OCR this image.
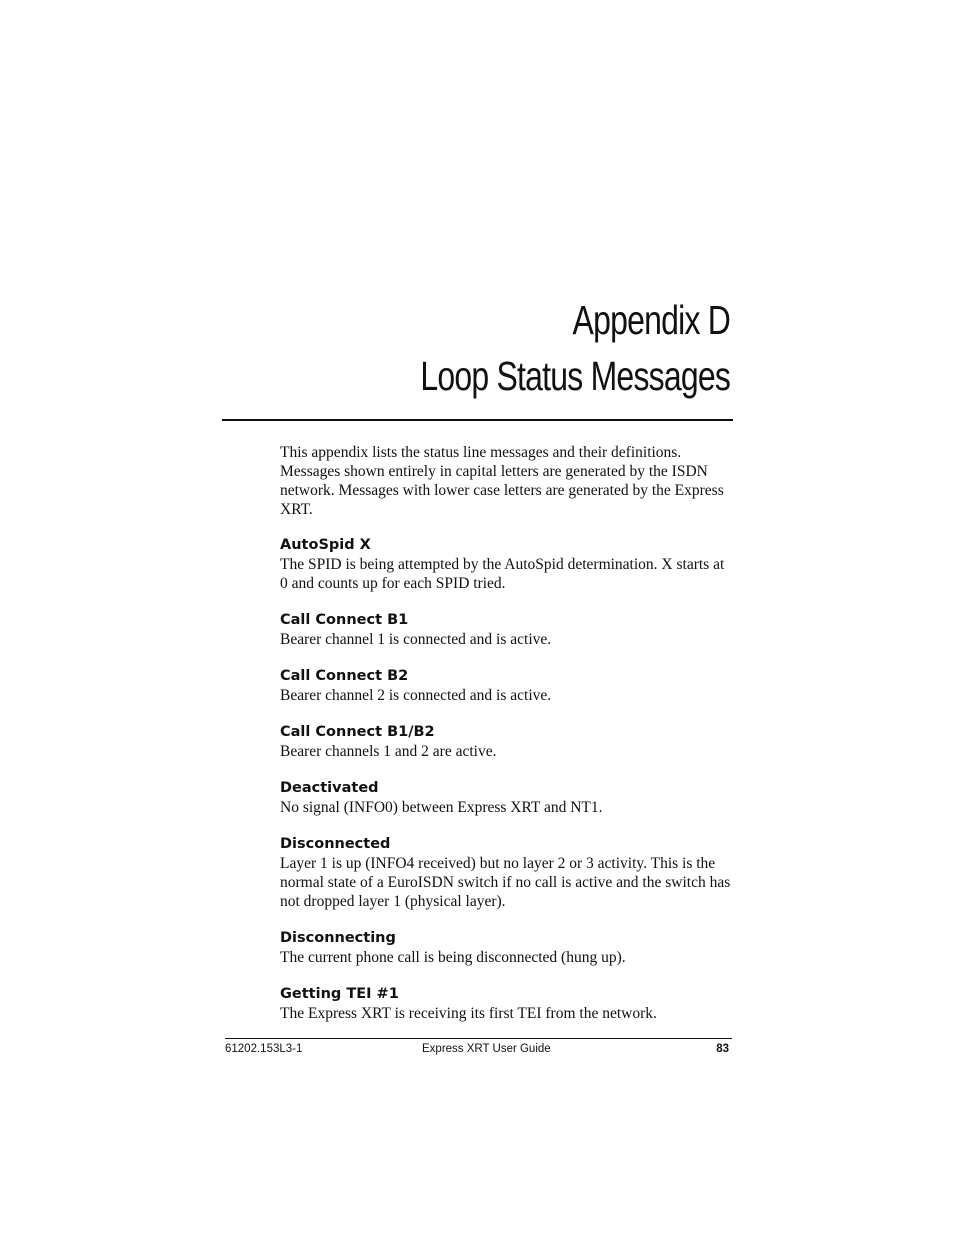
Appendix D
Loop Status Messages

This appendix lists the status line messages and their definitions. Messages shown entirely in capital letters are generated by the ISDN network. Messages with lower case letters are generated by the Express XRT.

AutoSpid X
The SPID is being attempted by the AutoSpid determination. X starts at 0 and counts up for each SPID tried.
Call Connect B1
Bearer channel 1 is connected and is active.
Call Connect B2
Bearer channel 2 is connected and is active.
Call Connect B1/B2
Bearer channels 1 and 2 are active.
Deactivated
No signal (INFO0) between Express XRT and NT1.
Disconnected
Layer 1 is up (INFO4 received) but no layer 2 or 3 activity. This is the normal state of a EuroISDN switch if no call is active and the switch has not dropped layer 1 (physical layer).
Disconnecting
The current phone call is being disconnected (hung up).
Getting TEI #1
The Express XRT is receiving its first TEI from the network.
61202.153L3-1	Express XRT User Guide	83
